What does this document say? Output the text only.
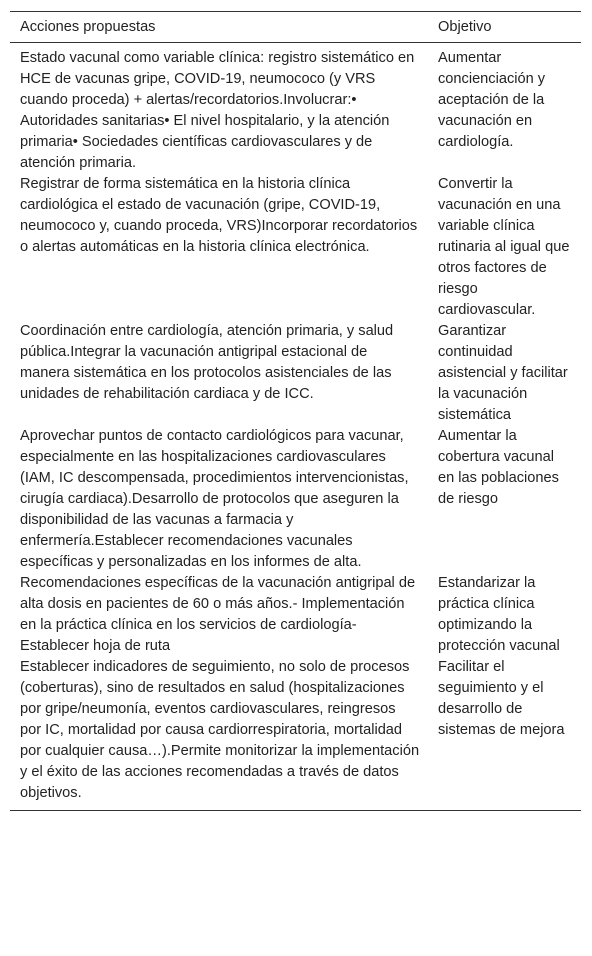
Acciones propuestas	Objetivo
Estado vacunal como variable clínica: registro sistemático en HCE de vacunas gripe, COVID-19, neumococo (y VRS cuando proceda) + alertas/recordatorios.Involucrar:• Autoridades sanitarias• El nivel hospitalario, y la atención primaria• Sociedades científicas cardiovasculares y de atención primaria.	Aumentar concienciación y aceptación de la vacunación en cardiología.
Registrar de forma sistemática en la historia clínica cardiológica el estado de vacunación (gripe, COVID-19, neumococo y, cuando proceda, VRS)Incorporar recordatorios o alertas automáticas en la historia clínica electrónica.	Convertir la vacunación en una variable clínica rutinaria al igual que otros factores de riesgo cardiovascular.
Coordinación entre cardiología, atención primaria, y salud pública.Integrar la vacunación antigripal estacional de manera sistemática en los protocolos asistenciales de las unidades de rehabilitación cardiaca y de ICC.	Garantizar continuidad asistencial y facilitar la vacunación sistemática
Aprovechar puntos de contacto cardiológicos para vacunar, especialmente en las hospitalizaciones cardiovasculares (IAM, IC descompensada, procedimientos intervencionistas, cirugía cardiaca).Desarrollo de protocolos que aseguren la disponibilidad de las vacunas a farmacia y enfermería.Establecer recomendaciones vacunales específicas y personalizadas en los informes de alta.	Aumentar la cobertura vacunal en las poblaciones de riesgo
Recomendaciones específicas de la vacunación antigripal de alta dosis en pacientes de 60 o más años.- Implementación en la práctica clínica en los servicios de cardiología- Establecer hoja de ruta	Estandarizar la práctica clínica optimizando la protección vacunal
Establecer indicadores de seguimiento, no solo de procesos (coberturas), sino de resultados en salud (hospitalizaciones por gripe/neumonía, eventos cardiovasculares, reingresos por IC, mortalidad por causa cardiorrespiratoria, mortalidad por cualquier causa…).Permite monitorizar la implementación y el éxito de las acciones recomendadas a través de datos objetivos.	Facilitar el seguimiento y el desarrollo de sistemas de mejora
